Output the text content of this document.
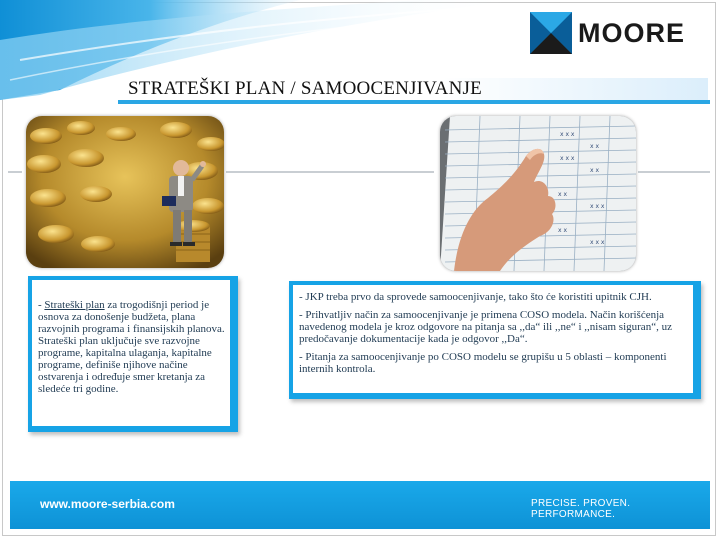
MOORE
STRATEŠKI PLAN / SAMOOCENJIVANJE
x x x
x x
x x x
x x
x x
x x x
x x
x x x
- Strateški plan za trogodišnji period je osnova za donošenje budžeta, plana razvojnih programa i finansijskih planova. Strateški plan uključuje sve razvojne programe, kapitalna ulaganja, kapitalne programe, definiše njihove načine ostvarenja i određuje smer kretanja za sledeće tri godine.

- JKP treba prvo da sprovede samoocenjivanje, tako što će koristiti upitnik CJH.

- Prihvatljiv način za samoocenjivanje je primena COSO modela. Način korišćenja navedenog modela je kroz odgovore na pitanja sa ,,da“ ili ,,ne“ i ,,nisam siguran“, uz predočavanje dokumentacije kada je odgovor ,,Da“.

- Pitanja za samoocenjivanje po COSO modelu se grupišu u 5 oblasti – komponenti internih kontrola.

www.moore-serbia.com	PRECISE. PROVEN. PERFORMANCE.
